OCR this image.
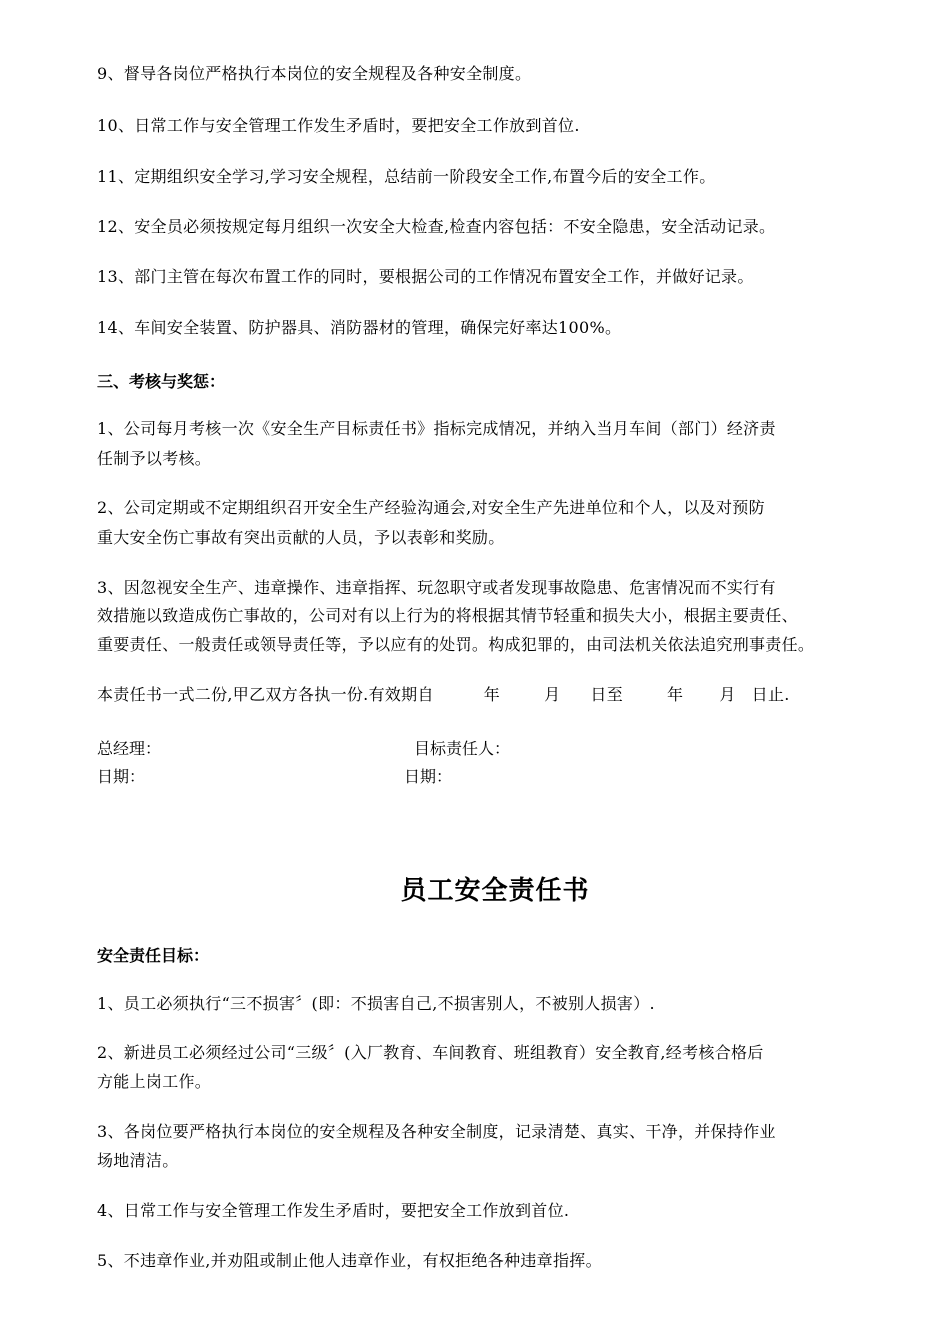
9、督导各岗位严格执行本岗位的安全规程及各种安全制度。
10、日常工作与安全管理工作发生矛盾时，要把安全工作放到首位.
11、定期组织安全学习,学习安全规程，总结前一阶段安全工作,布置今后的安全工作。
12、安全员必须按规定每月组织一次安全大检查,检查内容包括：不安全隐患，安全活动记录。
13、部门主管在每次布置工作的同时，要根据公司的工作情况布置安全工作，并做好记录。
14、车间安全装置、防护器具、消防器材的管理，确保完好率达100%。
三、考核与奖惩：
1、公司每月考核一次《安全生产目标责任书》指标完成情况，并纳入当月车间（部门）经济责
任制予以考核。
2、公司定期或不定期组织召开安全生产经验沟通会,对安全生产先进单位和个人，以及对预防
重大安全伤亡事故有突出贡献的人员，予以表彰和奖励。
3、因忽视安全生产、违章操作、违章指挥、玩忽职守或者发现事故隐患、危害情况而不实行有
效措施以致造成伤亡事故的，公司对有以上行为的将根据其情节轻重和损失大小，根据主要责任、
重要责任、一般责任或领导责任等，予以应有的处罚。构成犯罪的，由司法机关依法追究刑事责任。
本责任书一式二份,甲乙双方各执一份.有效期自	年	月 日至	年 月 日止.
总经理：	目标责任人：
日期：	日期：
员工安全责任书
安全责任目标：
1、员工必须执行“三不损害〞(即：不损害自己,不损害别人，不被别人损害）.
2、新进员工必须经过公司“三级〞(入厂教育、车间教育、班组教育）安全教育,经考核合格后
方能上岗工作。
3、各岗位要严格执行本岗位的安全规程及各种安全制度，记录清楚、真实、干净，并保持作业
场地清洁。
4、日常工作与安全管理工作发生矛盾时，要把安全工作放到首位.
5、不违章作业,并劝阻或制止他人违章作业，有权拒绝各种违章指挥。
